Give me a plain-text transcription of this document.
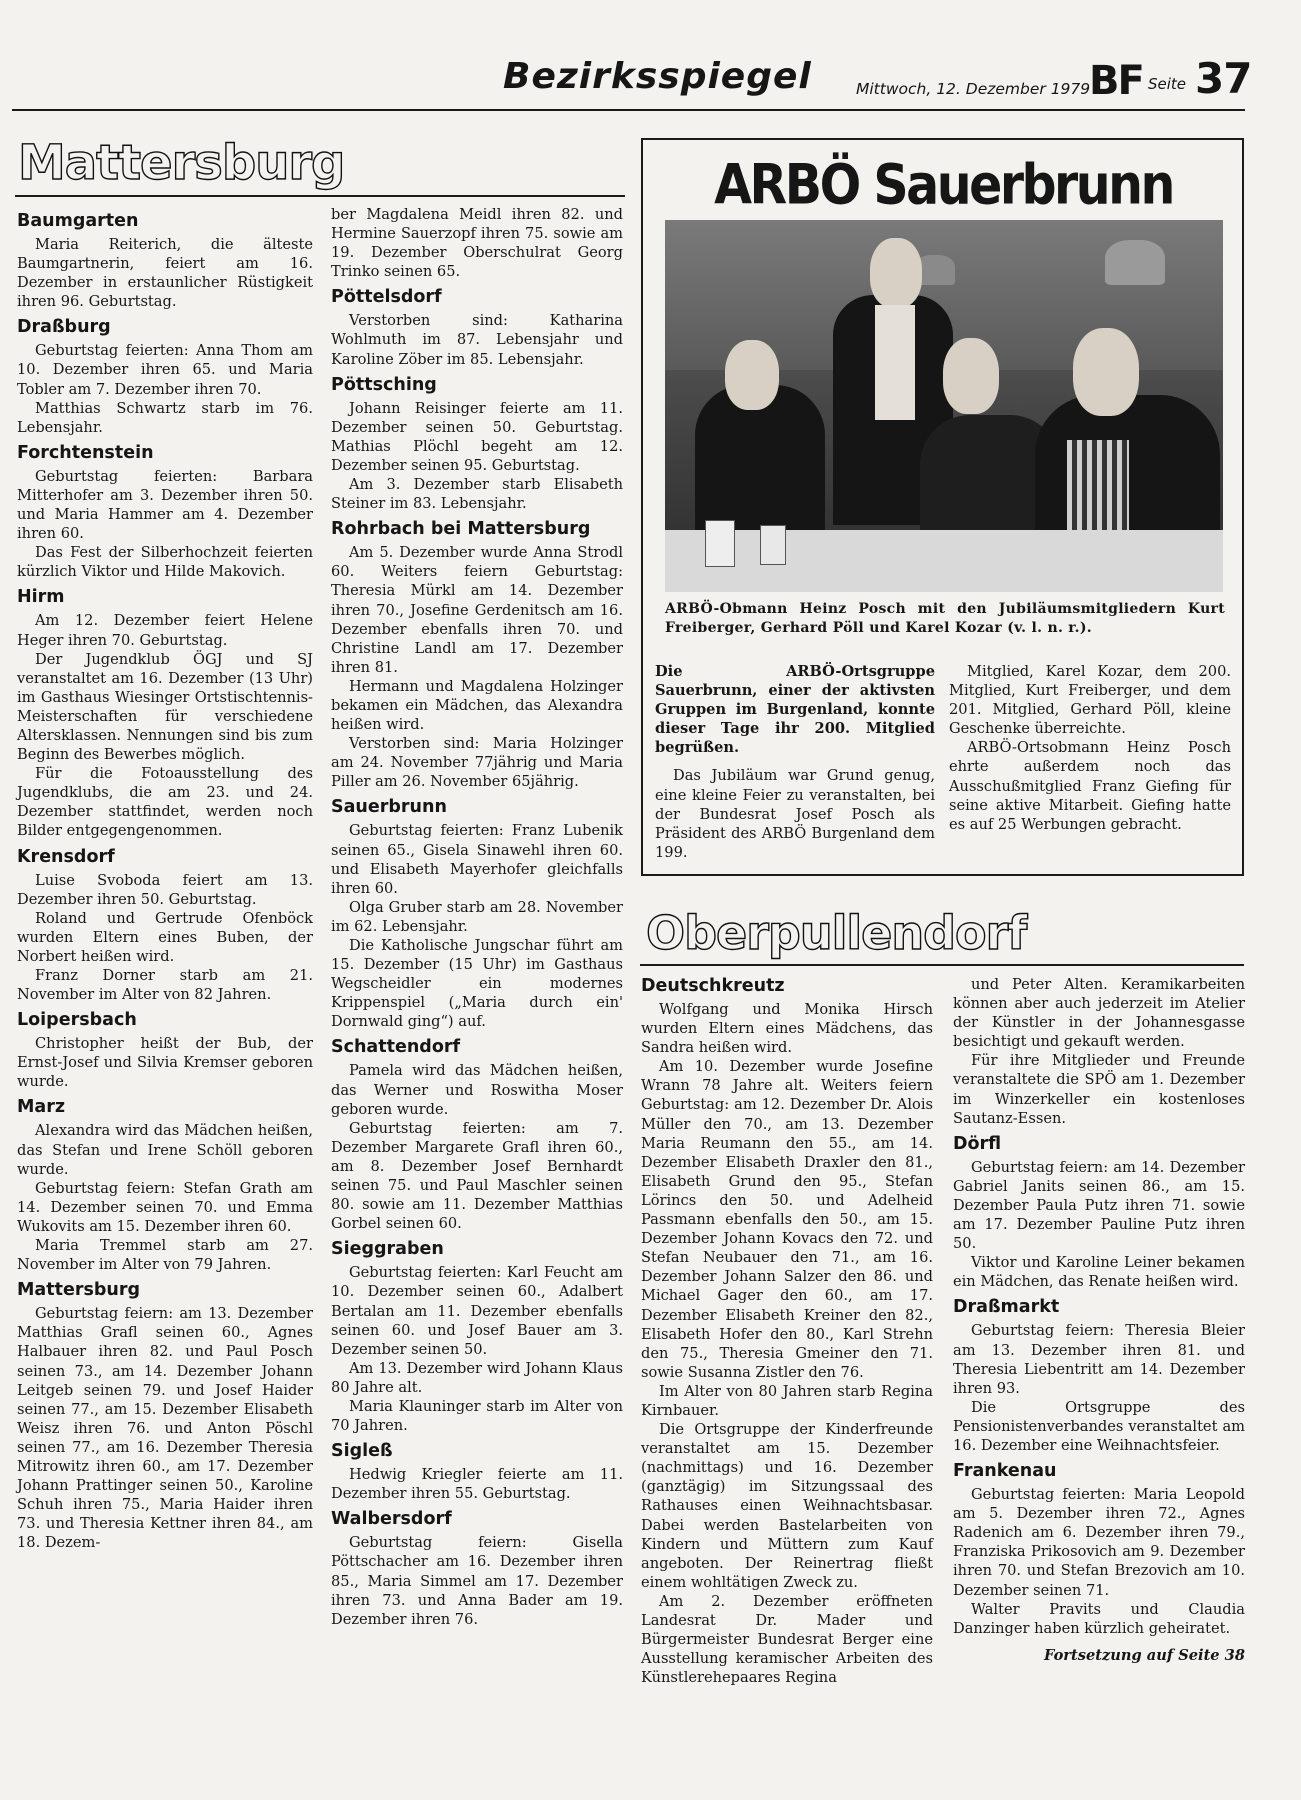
Bezirksspiegel	Mittwoch, 12. Dezember 1979
BF Seite 37
Mattersburg
Baumgarten

Maria Reiterich, die älteste Baumgartnerin, feiert am 16. Dezember in erstaunlicher Rüstigkeit ihren 96. Geburtstag.

Draßburg

Geburtstag feierten: Anna Thom am 10. Dezember ihren 65. und Maria Tobler am 7. Dezember ihren 70.

Matthias Schwartz starb im 76. Lebensjahr.

Forchtenstein

Geburtstag feierten: Barbara Mitterhofer am 3. Dezember ihren 50. und Maria Hammer am 4. Dezember ihren 60.

Das Fest der Silberhochzeit feierten kürzlich Viktor und Hilde Makovich.

Hirm

Am 12. Dezember feiert Helene Heger ihren 70. Geburtstag.

Der Jugendklub ÖGJ und SJ veranstaltet am 16. Dezember (13 Uhr) im Gasthaus Wiesinger Ortstischtennis-Meisterschaften für verschiedene Altersklassen. Nennungen sind bis zum Beginn des Bewerbes möglich.

Für die Fotoausstellung des Jugendklubs, die am 23. und 24. Dezember stattfindet, werden noch Bilder entgegengenommen.

Krensdorf

Luise Svoboda feiert am 13. Dezember ihren 50. Geburtstag.

Roland und Gertrude Ofenböck wurden Eltern eines Buben, der Norbert heißen wird.

Franz Dorner starb am 21. November im Alter von 82 Jahren.

Loipersbach

Christopher heißt der Bub, der Ernst-Josef und Silvia Kremser geboren wurde.

Marz

Alexandra wird das Mädchen heißen, das Stefan und Irene Schöll geboren wurde.

Geburtstag feiern: Stefan Grath am 14. Dezember seinen 70. und Emma Wukovits am 15. Dezember ihren 60.

Maria Tremmel starb am 27. November im Alter von 79 Jahren.

Mattersburg

Geburtstag feiern: am 13. Dezember Matthias Grafl seinen 60., Agnes Halbauer ihren 82. und Paul Posch seinen 73., am 14. Dezember Johann Leitgeb seinen 79. und Josef Haider seinen 77., am 15. Dezember Elisabeth Weisz ihren 76. und Anton Pöschl seinen 77., am 16. Dezember Theresia Mitrowitz ihren 60., am 17. Dezember Johann Prattinger seinen 50., Karoline Schuh ihren 75., Maria Haider ihren 73. und Theresia Kettner ihren 84., am 18. Dezem-

ber Magdalena Meidl ihren 82. und Hermine Sauerzopf ihren 75. sowie am 19. Dezember Oberschulrat Georg Trinko seinen 65.

Pöttelsdorf

Verstorben sind: Katharina Wohlmuth im 87. Lebensjahr und Karoline Zöber im 85. Lebensjahr.

Pöttsching

Johann Reisinger feierte am 11. Dezember seinen 50. Geburtstag. Mathias Plöchl begeht am 12. Dezember seinen 95. Geburtstag.

Am 3. Dezember starb Elisabeth Steiner im 83. Lebensjahr.

Rohrbach bei Mattersburg

Am 5. Dezember wurde Anna Strodl 60. Weiters feiern Geburtstag: Theresia Mürkl am 14. Dezember ihren 70., Josefine Gerdenitsch am 16. Dezember ebenfalls ihren 70. und Christine Landl am 17. Dezember ihren 81.

Hermann und Magdalena Holzinger bekamen ein Mädchen, das Alexandra heißen wird.

Verstorben sind: Maria Holzinger am 24. November 77jährig und Maria Piller am 26. November 65jährig.

Sauerbrunn

Geburtstag feierten: Franz Lubenik seinen 65., Gisela Sinawehl ihren 60. und Elisabeth Mayerhofer gleichfalls ihren 60.

Olga Gruber starb am 28. November im 62. Lebensjahr.

Die Katholische Jungschar führt am 15. Dezember (15 Uhr) im Gasthaus Wegscheidler ein modernes Krippenspiel („Maria durch ein' Dornwald ging“) auf.

Schattendorf

Pamela wird das Mädchen heißen, das Werner und Roswitha Moser geboren wurde.

Geburtstag feierten: am 7. Dezember Margarete Grafl ihren 60., am 8. Dezember Josef Bernhardt seinen 75. und Paul Maschler seinen 80. sowie am 11. Dezember Matthias Gorbel seinen 60.

Sieggraben

Geburtstag feierten: Karl Feucht am 10. Dezember seinen 60., Adalbert Bertalan am 11. Dezember ebenfalls seinen 60. und Josef Bauer am 3. Dezember seinen 50.

Am 13. Dezember wird Johann Klaus 80 Jahre alt.

Maria Klauninger starb im Alter von 70 Jahren.

Sigleß

Hedwig Kriegler feierte am 11. Dezember ihren 55. Geburtstag.

Walbersdorf

Geburtstag feiern: Gisella Pöttschacher am 16. Dezember ihren 85., Maria Simmel am 17. Dezember ihren 73. und Anna Bader am 19. Dezember ihren 76.

ARBÖ Sauerbrunn
ARBÖ-Obmann Heinz Posch mit den Jubiläumsmitgliedern Kurt Freiberger, Gerhard Pöll und Karel Kozar (v. l. n. r.).

Die ARBÖ-Ortsgruppe Sauerbrunn, einer der aktivsten Gruppen im Burgenland, konnte dieser Tage ihr 200. Mitglied begrüßen.

Das Jubiläum war Grund genug, eine kleine Feier zu veranstalten, bei der Bundesrat Josef Posch als Präsident des ARBÖ Burgenland dem 199.

Mitglied, Karel Kozar, dem 200. Mitglied, Kurt Freiberger, und dem 201. Mitglied, Gerhard Pöll, kleine Geschenke überreichte.

ARBÖ-Ortsobmann Heinz Posch ehrte außerdem noch das Ausschußmitglied Franz Giefing für seine aktive Mitarbeit. Giefing hatte es auf 25 Werbungen gebracht.

Oberpullendorf
Deutschkreutz

Wolfgang und Monika Hirsch wurden Eltern eines Mädchens, das Sandra heißen wird.

Am 10. Dezember wurde Josefine Wrann 78 Jahre alt. Weiters feiern Geburtstag: am 12. Dezember Dr. Alois Müller den 70., am 13. Dezember Maria Reumann den 55., am 14. Dezember Elisabeth Draxler den 81., Elisabeth Grund den 95., Stefan Lörincs den 50. und Adelheid Passmann ebenfalls den 50., am 15. Dezember Johann Kovacs den 72. und Stefan Neubauer den 71., am 16. Dezember Johann Salzer den 86. und Michael Gager den 60., am 17. Dezember Elisabeth Kreiner den 82., Elisabeth Hofer den 80., Karl Strehn den 75., Theresia Gmeiner den 71. sowie Susanna Zistler den 76.

Im Alter von 80 Jahren starb Regina Kirnbauer.

Die Ortsgruppe der Kinderfreunde veranstaltet am 15. Dezember (nachmittags) und 16. Dezember (ganztägig) im Sitzungssaal des Rathauses einen Weihnachtsbasar. Dabei werden Bastelarbeiten von Kindern und Müttern zum Kauf angeboten. Der Reinertrag fließt einem wohltätigen Zweck zu.

Am 2. Dezember eröffneten Landesrat Dr. Mader und Bürgermeister Bundesrat Berger eine Ausstellung keramischer Arbeiten des Künstlerehepaares Regina

und Peter Alten. Keramikarbeiten können aber auch jederzeit im Atelier der Künstler in der Johannesgasse besichtigt und gekauft werden.

Für ihre Mitglieder und Freunde veranstaltete die SPÖ am 1. Dezember im Winzerkeller ein kostenloses Sautanz-Essen.

Dörfl

Geburtstag feiern: am 14. Dezember Gabriel Janits seinen 86., am 15. Dezember Paula Putz ihren 71. sowie am 17. Dezember Pauline Putz ihren 50.

Viktor und Karoline Leiner bekamen ein Mädchen, das Renate heißen wird.

Draßmarkt

Geburtstag feiern: Theresia Bleier am 13. Dezember ihren 81. und Theresia Liebentritt am 14. Dezember ihren 93.

Die Ortsgruppe des Pensionistenverbandes veranstaltet am 16. Dezember eine Weihnachtsfeier.

Frankenau

Geburtstag feierten: Maria Leopold am 5. Dezember ihren 72., Agnes Radenich am 6. Dezember ihren 79., Franziska Prikosovich am 9. Dezember ihren 70. und Stefan Brezovich am 10. Dezember seinen 71.

Walter Pravits und Claudia Danzinger haben kürzlich geheiratet.

Fortsetzung auf Seite 38
